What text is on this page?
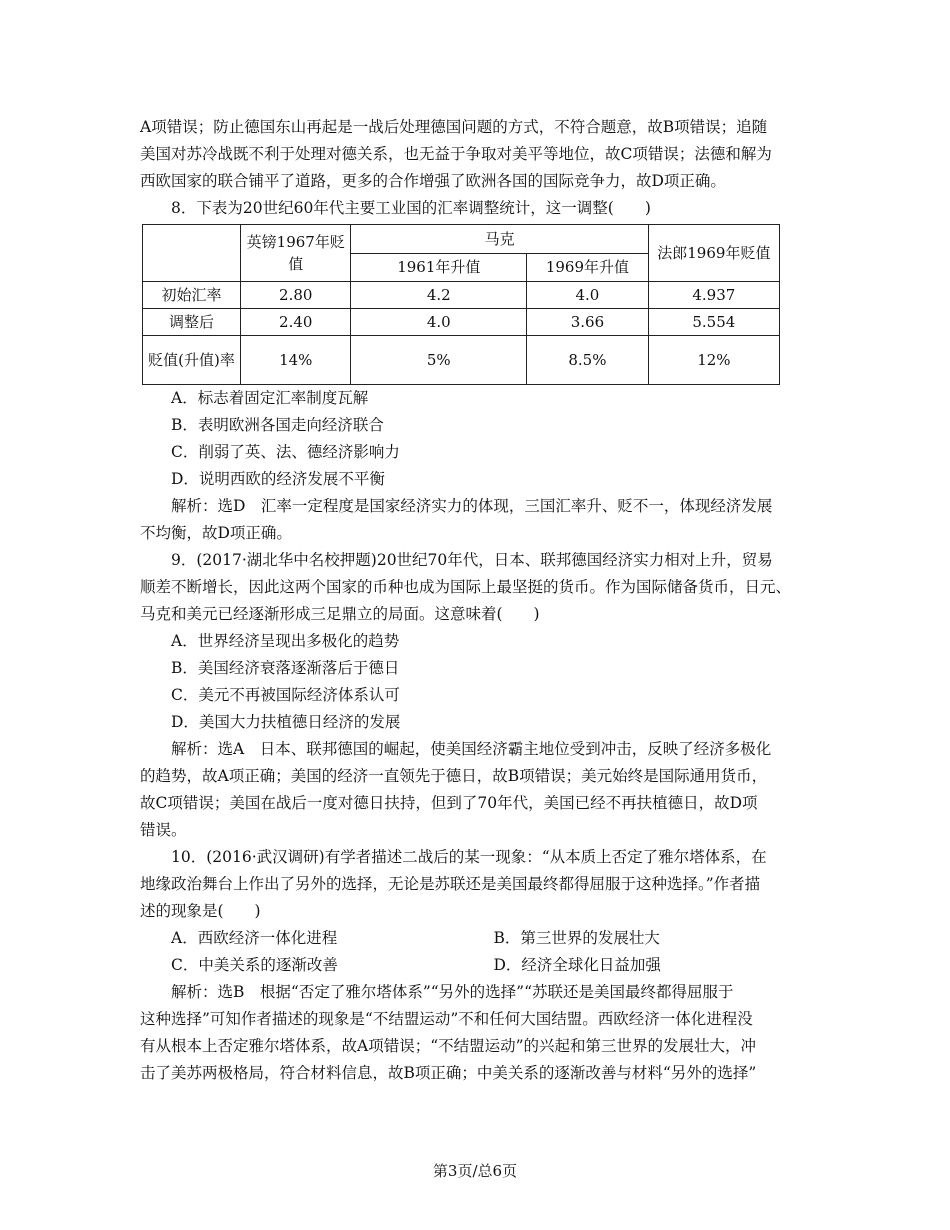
A项错误；防止德国东山再起是一战后处理德国问题的方式，不符合题意，故B项错误；追随

美国对苏冷战既不利于处理对德关系，也无益于争取对美平等地位，故C项错误；法德和解为

西欧国家的联合铺平了道路，更多的合作增强了欧洲各国的国际竞争力，故D项正确。

8．下表为20世纪60年代主要工业国的汇率调整统计，这一调整(　　)

	英镑1967年贬值	马克		法郎1969年贬值
		1961年升值	1969年升值	
初始汇率	2.80	4.2	4.0	4.937
调整后	2.40	4.0	3.66	5.554
贬值(升值)率	14%	5%	8.5%	12%

A．标志着固定汇率制度瓦解

B．表明欧洲各国走向经济联合

C．削弱了英、法、德经济影响力

D．说明西欧的经济发展不平衡

解析：选D　汇率一定程度是国家经济实力的体现，三国汇率升、贬不一，体现经济发展

不均衡，故D项正确。

9．(2017·湖北华中名校押题)20世纪70年代，日本、联邦德国经济实力相对上升，贸易

顺差不断增长，因此这两个国家的币种也成为国际上最坚挺的货币。作为国际储备货币，日元、

马克和美元已经逐渐形成三足鼎立的局面。这意味着(　　)

A．世界经济呈现出多极化的趋势

B．美国经济衰落逐渐落后于德日

C．美元不再被国际经济体系认可

D．美国大力扶植德日经济的发展

解析：选A　日本、联邦德国的崛起，使美国经济霸主地位受到冲击，反映了经济多极化

的趋势，故A项正确；美国的经济一直领先于德日，故B项错误；美元始终是国际通用货币，

故C项错误；美国在战后一度对德日扶持，但到了70年代，美国已经不再扶植德日，故D项

错误。

10．(2016·武汉调研)有学者描述二战后的某一现象：“从本质上否定了雅尔塔体系，在

地缘政治舞台上作出了另外的选择，无论是苏联还是美国最终都得屈服于这种选择。”作者描

述的现象是(　　)

A．西欧经济一体化进程	B．第三世界的发展壮大
C．中美关系的逐渐改善	D．经济全球化日益加强

解析：选B　根据“否定了雅尔塔体系”“另外的选择”“苏联还是美国最终都得屈服于

这种选择”可知作者描述的现象是“不结盟运动”不和任何大国结盟。西欧经济一体化进程没

有从根本上否定雅尔塔体系，故A项错误；“不结盟运动”的兴起和第三世界的发展壮大，冲

击了美苏两极格局，符合材料信息，故B项正确；中美关系的逐渐改善与材料“另外的选择”

第3页/总6页
